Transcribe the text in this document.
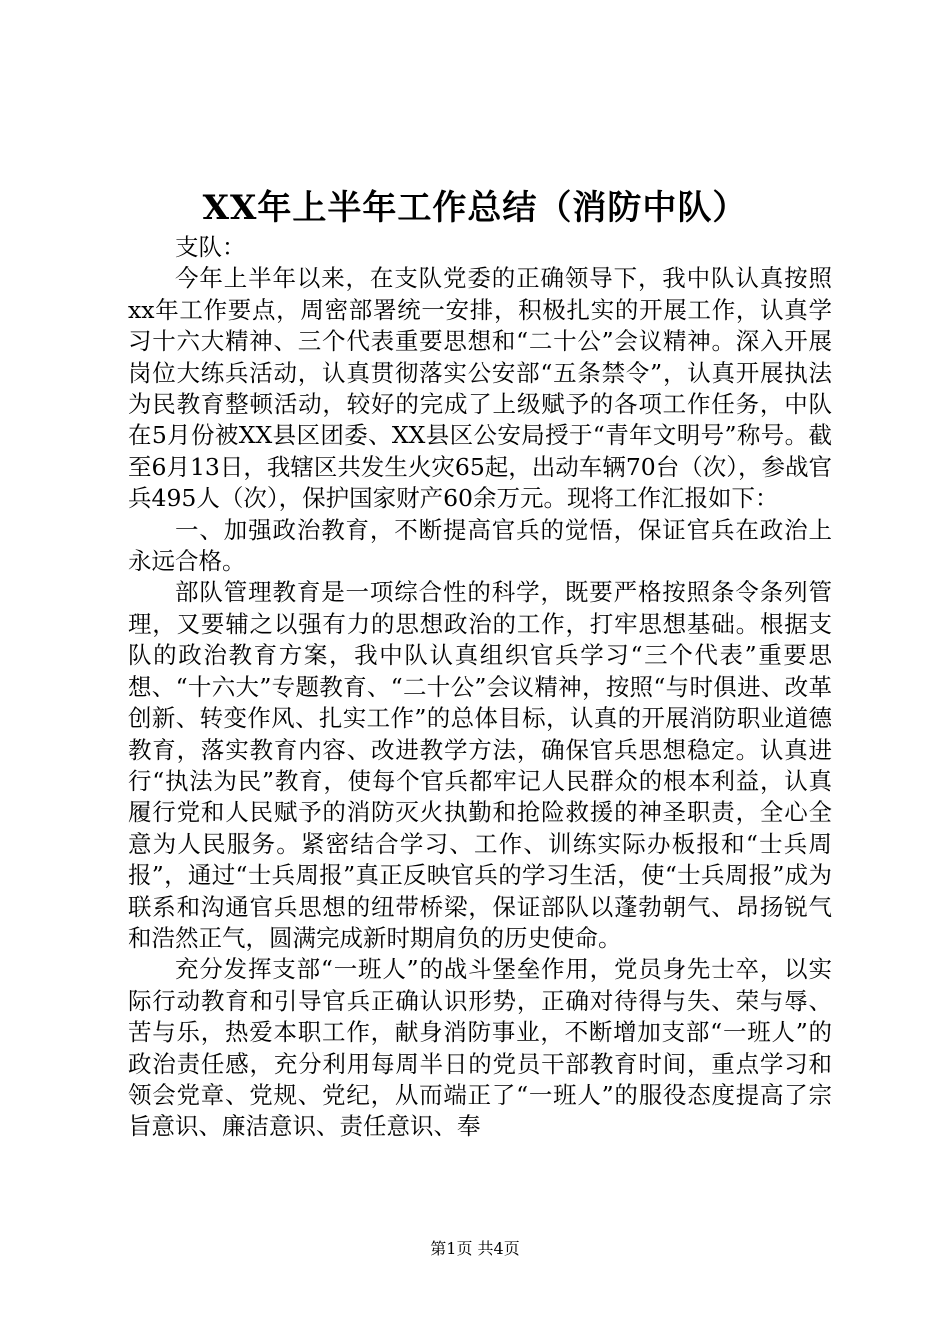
XX年上半年工作总结（消防中队）

支队：

今年上半年以来，在支队党委的正确领导下，我中队认真按照xx年工作要点，周密部署统一安排，积极扎实的开展工作，认真学习十六大精神、三个代表重要思想和“二十公”会议精神。深入开展岗位大练兵活动，认真贯彻落实公安部“五条禁令”，认真开展执法为民教育整顿活动，较好的完成了上级赋予的各项工作任务，中队在5月份被XX县区团委、XX县区公安局授于“青年文明号”称号。截至6月13日，我辖区共发生火灾65起，出动车辆70台（次），参战官兵495人（次），保护国家财产60余万元。现将工作汇报如下：

一、加强政治教育，不断提高官兵的觉悟，保证官兵在政治上永远合格。

部队管理教育是一项综合性的科学，既要严格按照条令条列管理，又要辅之以强有力的思想政治的工作，打牢思想基础。根据支队的政治教育方案，我中队认真组织官兵学习“三个代表”重要思想、“十六大”专题教育、“二十公”会议精神，按照“与时俱进、改革创新、转变作风、扎实工作”的总体目标，认真的开展消防职业道德教育，落实教育内容、改进教学方法，确保官兵思想稳定。认真进行“执法为民”教育，使每个官兵都牢记人民群众的根本利益，认真履行党和人民赋予的消防灭火执勤和抢险救援的神圣职责，全心全意为人民服务。紧密结合学习、工作、训练实际办板报和“士兵周报”，通过“士兵周报”真正反映官兵的学习生活，使“士兵周报”成为联系和沟通官兵思想的纽带桥梁，保证部队以蓬勃朝气、昂扬锐气和浩然正气，圆满完成新时期肩负的历史使命。

充分发挥支部“一班人”的战斗堡垒作用，党员身先士卒，以实际行动教育和引导官兵正确认识形势，正确对待得与失、荣与辱、苦与乐，热爱本职工作，献身消防事业，不断增加支部“一班人”的政治责任感，充分利用每周半日的党员干部教育时间，重点学习和领会党章、党规、党纪，从而端正了“一班人”的服役态度提高了宗旨意识、廉洁意识、责任意识、奉

第1页 共4页
